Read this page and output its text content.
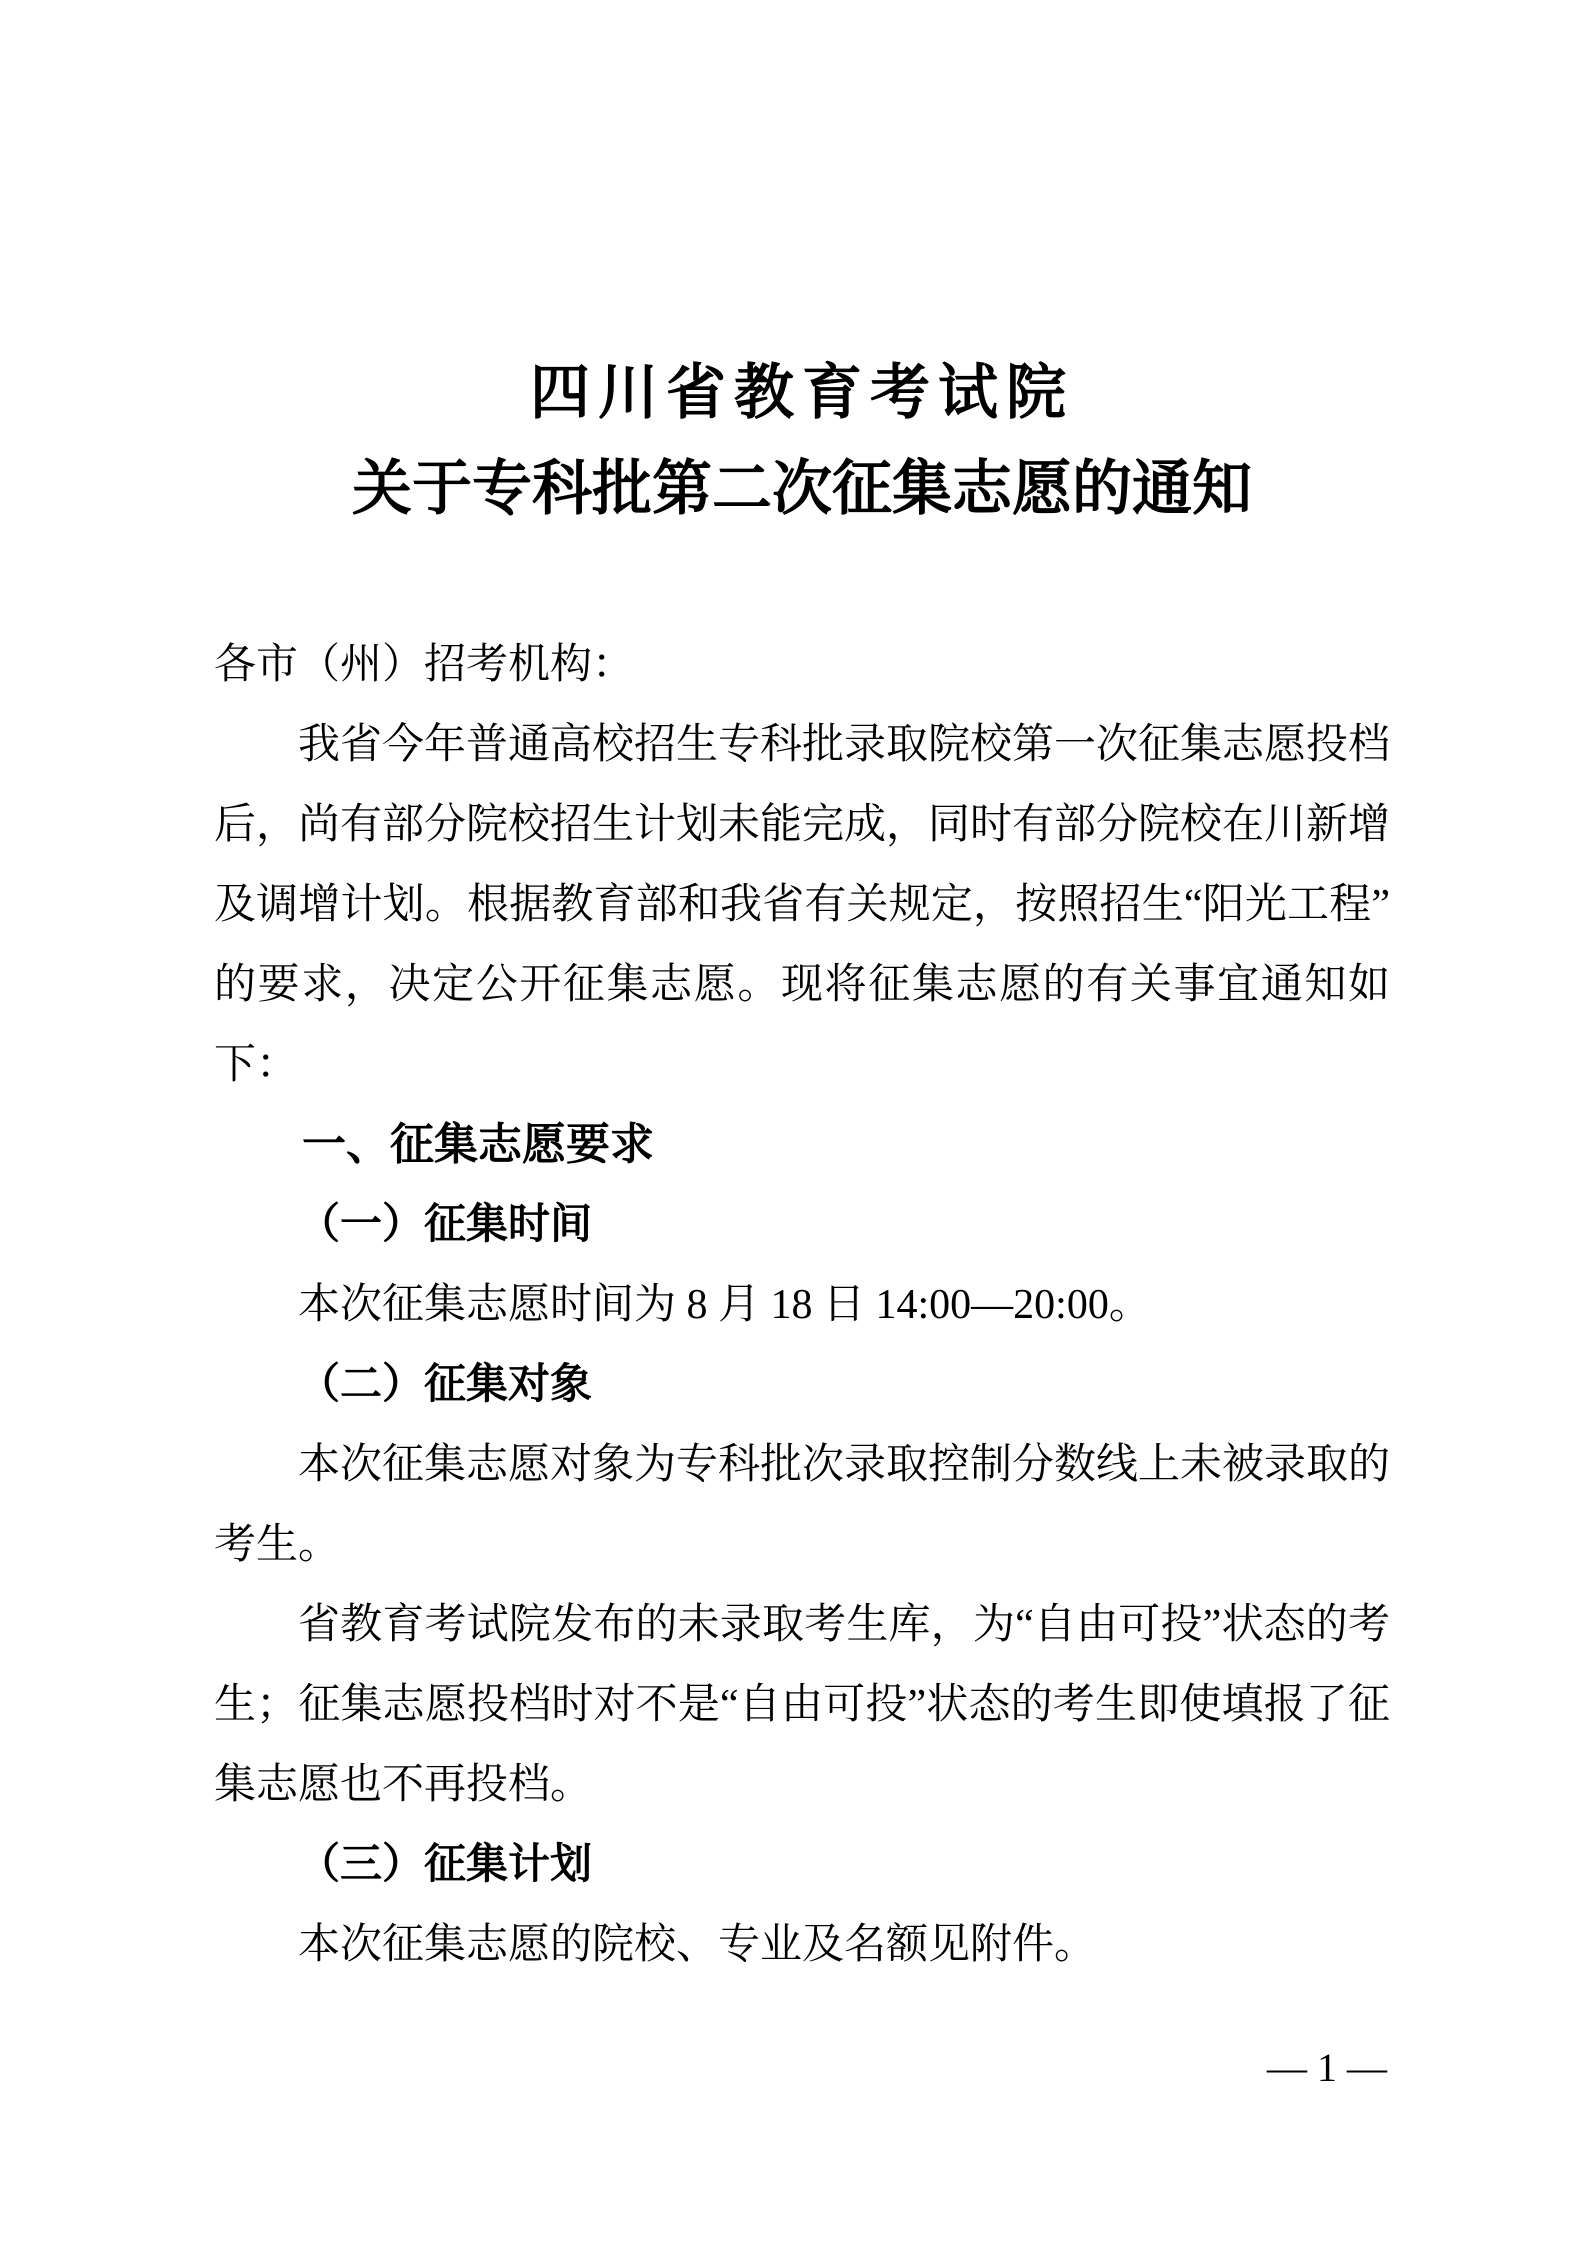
四川省教育考试院
关于专科批第二次征集志愿的通知
各市（州）招考机构：
我省今年普通高校招生专科批录取院校第一次征集志愿投档后，尚有部分院校招生计划未能完成，同时有部分院校在川新增及调增计划。根据教育部和我省有关规定，按照招生“阳光工程”的要求，决定公开征集志愿。现将征集志愿的有关事宜通知如下：
一、征集志愿要求
（一）征集时间
本次征集志愿时间为 8 月 18 日 14:00—20:00。
（二）征集对象
本次征集志愿对象为专科批次录取控制分数线上未被录取的考生。
省教育考试院发布的未录取考生库，为“自由可投”状态的考生；征集志愿投档时对不是“自由可投”状态的考生即使填报了征集志愿也不再投档。
（三）征集计划
本次征集志愿的院校、专业及名额见附件。
— 1 —
